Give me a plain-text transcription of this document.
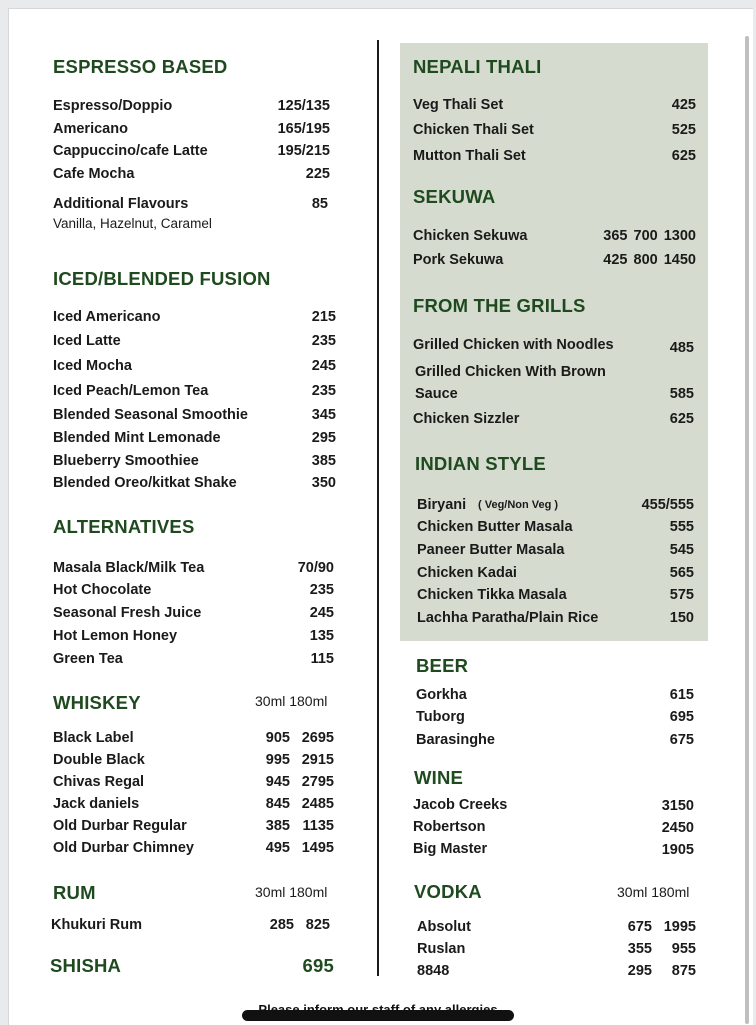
ESPRESSO BASED
Espresso/Doppio	125/135
Americano	165/195
Cappuccino/cafe Latte	195/215
Cafe Mocha	225
Additional Flavours	85
Vanilla, Hazelnut, Caramel
ICED/BLENDED FUSION
Iced Americano	215
Iced Latte	235
Iced Mocha	245
Iced Peach/Lemon Tea	235
Blended Seasonal Smoothie	345
Blended Mint Lemonade	295
Blueberry Smoothiee	385
Blended Oreo/kitkat Shake	350
ALTERNATIVES
Masala Black/Milk Tea	70/90
Hot Chocolate	235
Seasonal Fresh Juice	245
Hot Lemon Honey	135
Green Tea	115
WHISKEY	30ml 180ml
Black Label	905 2695
Double Black	995 2915
Chivas Regal	945 2795
Jack daniels	845 2485
Old Durbar Regular	385 1135
Old Durbar Chimney	495 1495
RUM	30ml 180ml
Khukuri Rum	285 825
SHISHA	695
NEPALI THALI
Veg Thali Set	425
Chicken Thali Set	525
Mutton Thali Set	625
SEKUWA
Chicken Sekuwa	365 700 1300
Pork Sekuwa	425 800 1450
FROM THE GRILLS
Grilled Chicken with Noodles	485
Grilled Chicken With Brown
Sauce	585
Chicken Sizzler	625
INDIAN STYLE
Biryani ( Veg/Non Veg )	455/555
Chicken Butter Masala	555
Paneer Butter Masala	545
Chicken Kadai	565
Chicken Tikka Masala	575
Lachha Paratha/Plain Rice	150
BEER
Gorkha	615
Tuborg	695
Barasinghe	675
WINE
Jacob Creeks	3150
Robertson	2450
Big Master	1905
VODKA	30ml 180ml
Absolut	675 1995
Ruslan	355 955
8848	295 875
